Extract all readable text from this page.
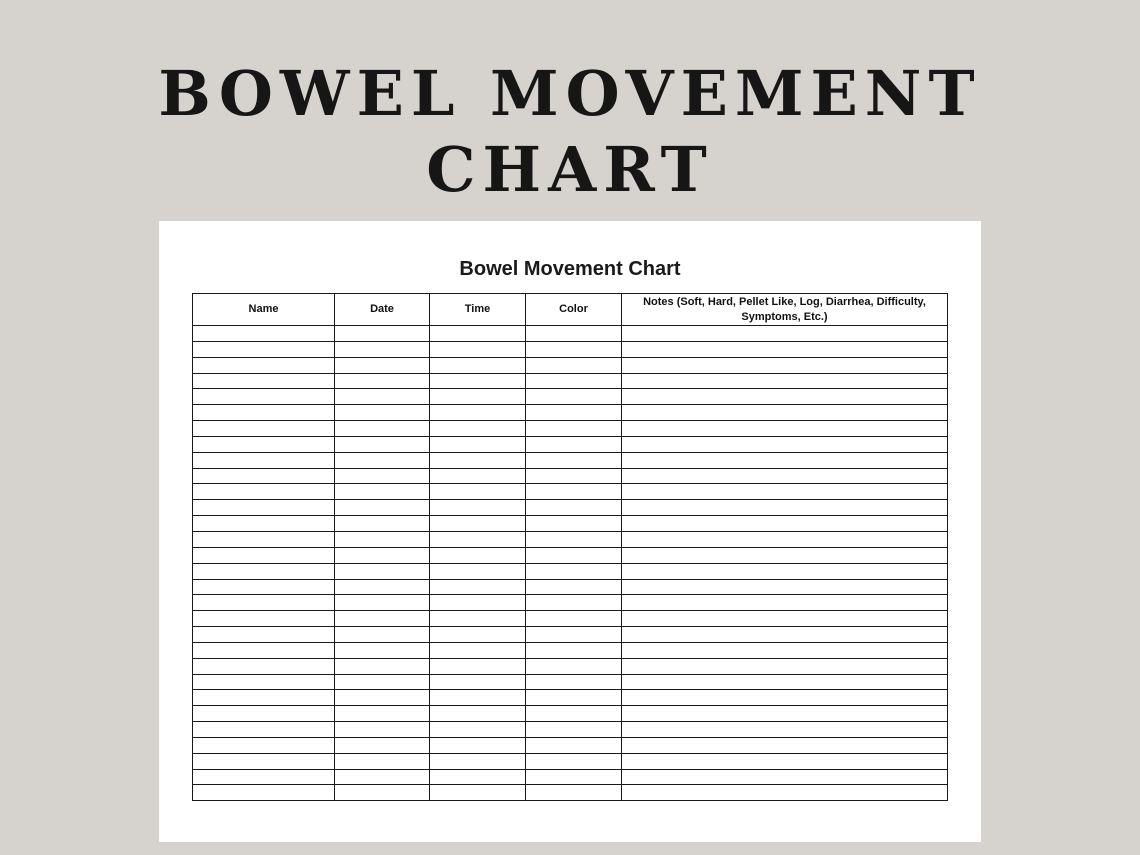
BOWEL MOVEMENT
CHART
Bowel Movement Chart
Name	Date	Time	Color	Notes (Soft, Hard, Pellet Like, Log, Diarrhea, Difficulty, Symptoms, Etc.)
